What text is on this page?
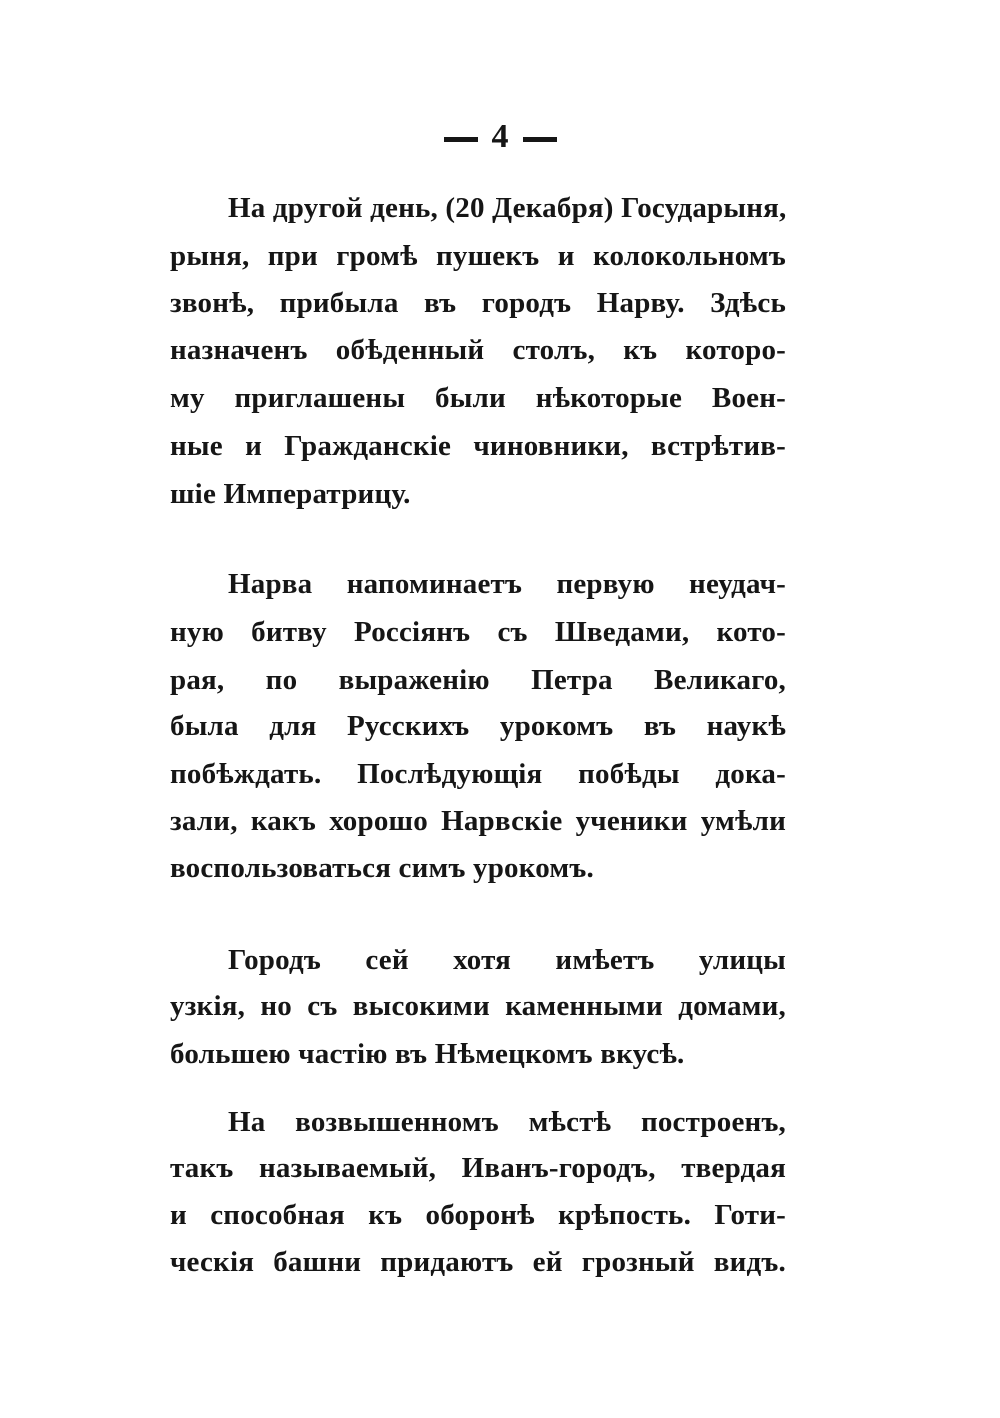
4
На другой день, (20 Декабря) Государыня,
рыня, при громѣ пушекъ и колокольномъ
звонѣ, прибыла въ городъ Нарву. Здѣсь
назначенъ обѣденный столъ, къ которо-
му приглашены были нѣкоторые Воен-
ные и Гражданскіе чиновники, встрѣтив-
шіе Императрицу.
Нарва напоминаетъ первую неудач-
ную битву Россіянъ съ Шведами, кото-
рая, по выраженію Петра Великаго,
была для Русскихъ урокомъ въ наукѣ
побѣждать. Послѣдующія побѣды дока-
зали, какъ хорошо Нарвскіе ученики умѣли
воспользоваться симъ урокомъ.
Городъ сей хотя имѣетъ улицы
узкія, но съ высокими каменными домами,
большею частію въ Нѣмецкомъ вкусѣ.
На возвышенномъ мѣстѣ построенъ,
такъ называемый, Иванъ-городъ, твердая
и способная къ оборонѣ крѣпость. Готи-
ческія башни придаютъ ей грозный видъ.
